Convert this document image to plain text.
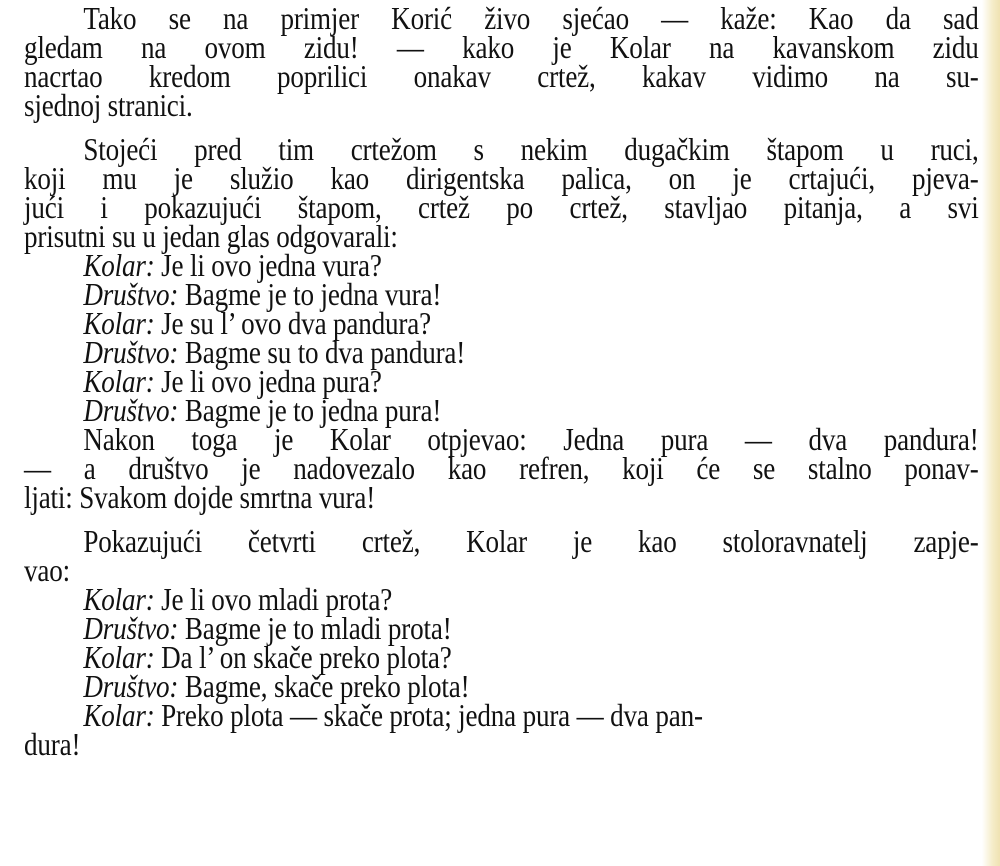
Tako se na primjer Korić živo sjećao — kaže: Kao da sad
gledam na ovom zidu! — kako je Kolar na kavanskom zidu
nacrtao kredom poprilici onakav crtež, kakav vidimo na su-
sjednoj stranici.
Stojeći pred tim crtežom s nekim dugačkim štapom u ruci,
koji mu je služio kao dirigentska palica, on je crtajući, pjeva-
jući i pokazujući štapom, crtež po crtež, stavljao pitanja, a svi
prisutni su u jedan glas odgovarali:
Kolar: Je li ovo jedna vura?
Društvo: Bagme je to jedna vura!
Kolar: Je su l’ ovo dva pandura?
Društvo: Bagme su to dva pandura!
Kolar: Je li ovo jedna pura?
Društvo: Bagme je to jedna pura!
Nakon toga je Kolar otpjevao: Jedna pura — dva pandura!
— a društvo je nadovezalo kao refren, koji će se stalno ponav-
ljati: Svakom dojde smrtna vura!
Pokazujući četvrti crtež, Kolar je kao stoloravnatelj zapje-
vao:
Kolar: Je li ovo mladi prota?
Društvo: Bagme je to mladi prota!
Kolar: Da l’ on skače preko plota?
Društvo: Bagme, skače preko plota!
Kolar: Preko plota — skače prota; jedna pura — dva pan-
dura!
